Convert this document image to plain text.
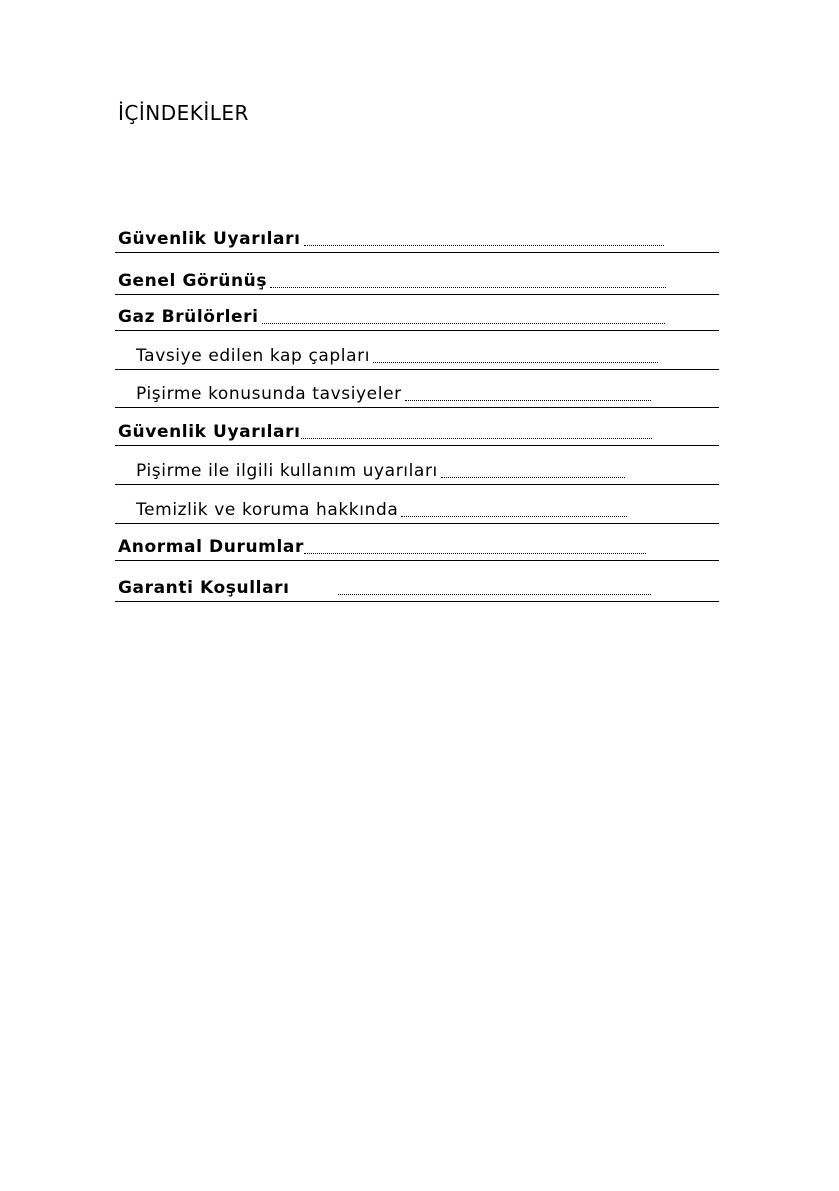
İÇİNDEKİLER
Güvenlik Uyarıları
Genel Görünüş
Gaz Brülörleri
Tavsiye edilen kap çapları
Pişirme konusunda tavsiyeler
Güvenlik Uyarıları
Pişirme ile ilgili kullanım uyarıları
Temizlik ve koruma hakkında
Anormal Durumlar
Garanti Koşulları
